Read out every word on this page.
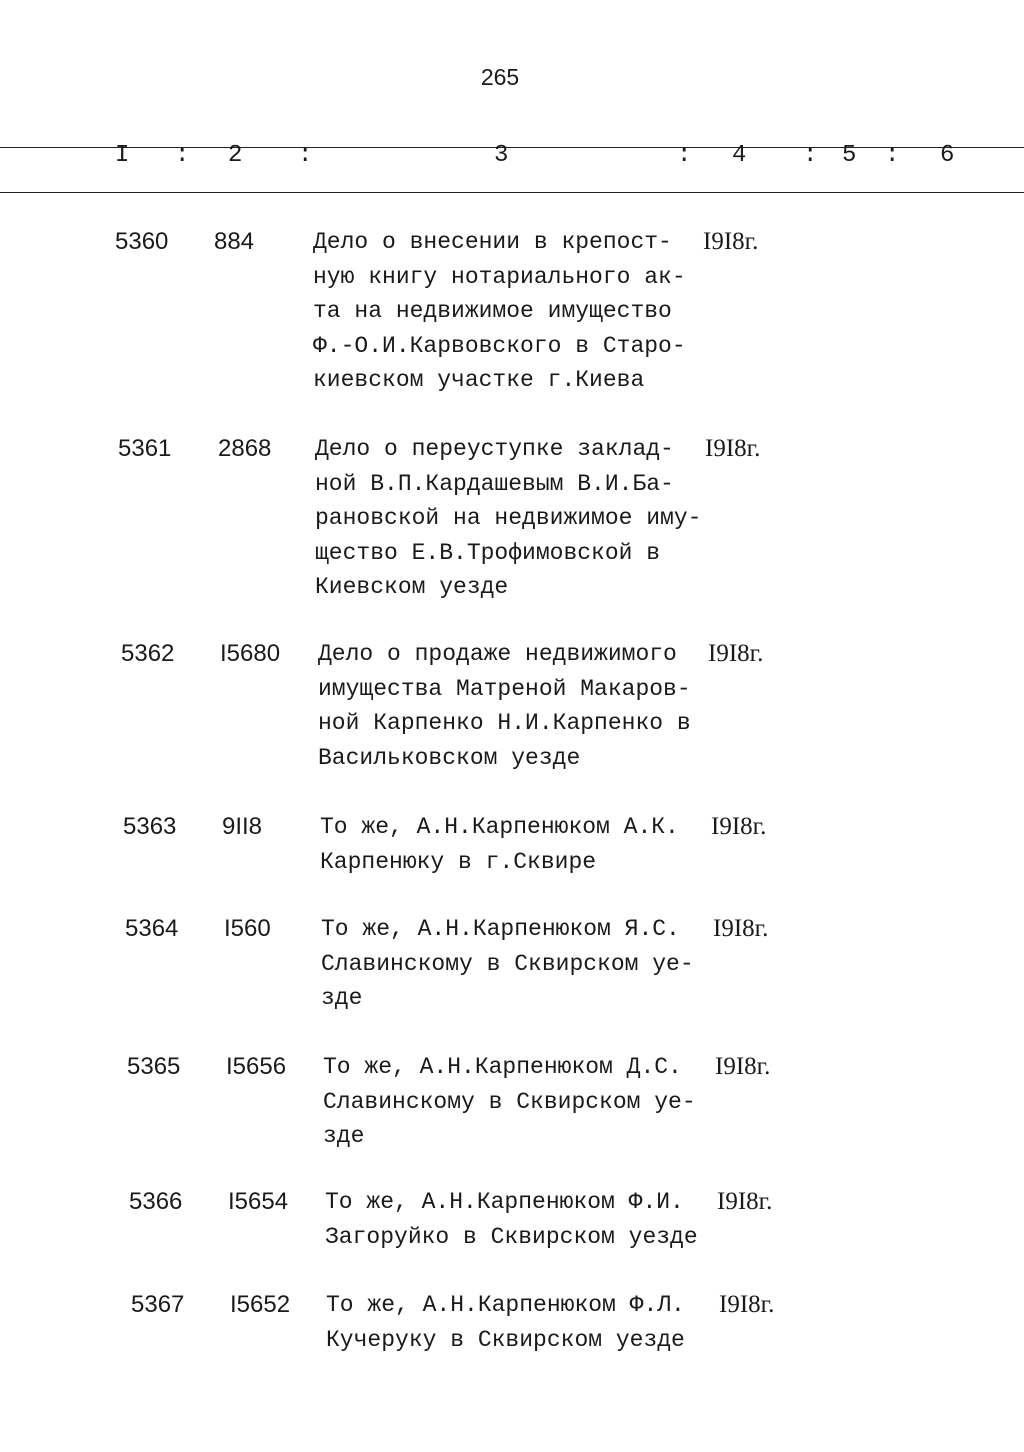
265
I : 2 :	3	: 4 : 5 : 6
5360 884	Дело о внесении в крепост-
ную книгу нотариального ак-
та на недвижимое имущество
Ф.-О.И.Карвовского в Старо-
киевском участке г.Киева
I9I8г.
5361 2868 Дело о переуступке заклад-
ной В.П.Кардашевым В.И.Ба-
рановской на недвижимое иму-
щество Е.В.Трофимовской в
Киевском уезде
I9I8г.
5362 I5680 Дело о продаже недвижимого
имущества Матреной Макаров-
ной Карпенко Н.И.Карпенко в
Васильковском уезде
I9I8г.
5363 9II8	То же, А.Н.Карпенюком А.К.
Карпенюку в г.Сквире
I9I8г.
5364 I560 То же, А.Н.Карпенюком Я.С.
Славинскому в Сквирском уе-
зде
I9I8г.
5365 I5656 То же, А.Н.Карпенюком Д.С.
Славинскому в Сквирском уе-
зде
I9I8г.
5366 I5654 То же, А.Н.Карпенюком Ф.И.
Загоруйко в Сквирском уезде
I9I8г.
5367 I5652 То же, А.Н.Карпенюком Ф.Л.
Кучеруку в Сквирском уезде
I9I8г.
